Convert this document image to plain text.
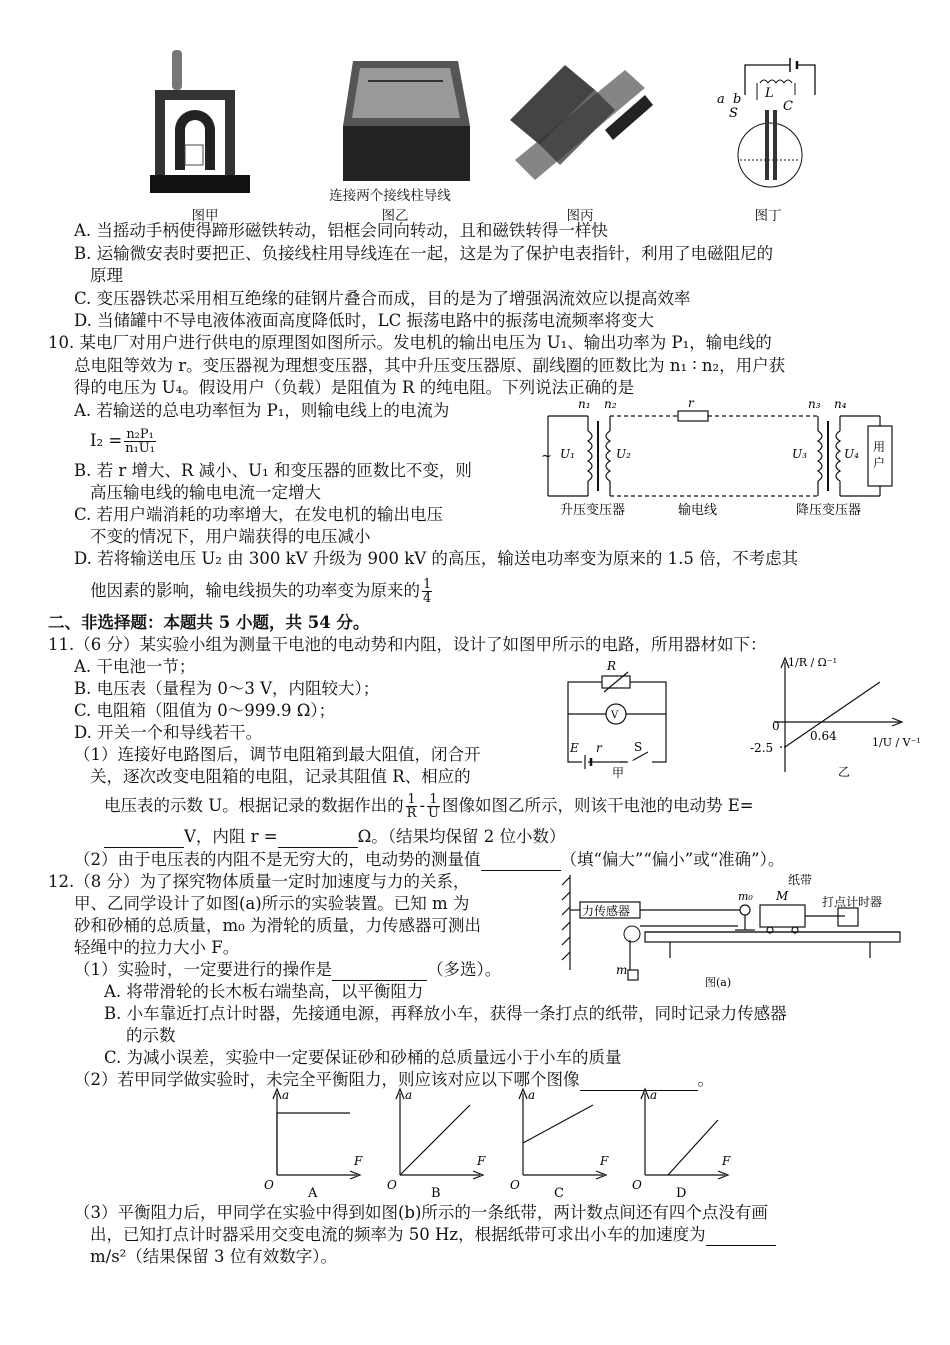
图甲
连接两个接线柱导线
图乙	图丙
a b
S
L
C
图丁
A. 当摇动手柄使得蹄形磁铁转动，铝框会同向转动，且和磁铁转得一样快
B. 运输微安表时要把正、负接线柱用导线连在一起，这是为了保护电表指针，利用了电磁阻尼的
原理
C. 变压器铁芯采用相互绝缘的硅钢片叠合而成，目的是为了增强涡流效应以提高效率
D. 当储罐中不导电液体液面高度降低时，LC 振荡电路中的振荡电流频率将变大
10. 某电厂对用户进行供电的原理图如图所示。发电机的输出电压为 U₁、输出功率为 P₁，输电线的
总电阻等效为 r。变压器视为理想变压器，其中升压变压器原、副线圈的匝数比为 n₁ ∶ n₂，用户获
得的电压为 U₄。假设用户（负载）是阻值为 R 的纯电阻。下列说法正确的是
A. 若输送的总电功率恒为 P₁，则输电线上的电流为
$I_2 = \frac{\text{n₂P₁}}{\text{n₁U₁}}$
B. 若 r 增大、R 减小、U₁ 和变压器的匝数比不变，则
高压输电线的输电电流一定增大
C. 若用户端消耗的功率增大，在发电机的输出电压
不变的情况下，用户端获得的电压减小
D. 若将输送电压 U₂ 由 300 kV 升级为 900 kV 的高压，输送电功率变为原来的 1.5 倍，不考虑其
他因素的影响，输电线损失的功率变为原来的 $\frac{1}{4}$
n₁ n₂	r	n₃ n₄
U₁	U₂	U₃	U₄
~
用
户
升压变压器	输电线	降压变压器
二、非选择题：本题共 5 小题，共 54 分。
11.（6 分）某实验小组为测量干电池的电动势和内阻，设计了如图甲所示的电路，所用器材如下：
A. 干电池一节；
B. 电压表（量程为 0～3 V，内阻较大）；
C. 电阻箱（阻值为 0～999.9 Ω）；
D. 开关一个和导线若干。
（1）连接好电路图后，调节电阻箱到最大阻值，闭合开
关，逐次改变电阻箱的电阻，记录其阻值 R、相应的
电压表的示数 U。根据记录的数据作出的 $\frac{1}{R} - \frac{1}{U}$ 图像如图乙所示，则该干电池的电动势 E=
V，内阻 r =	Ω。（结果均保留 2 位小数）
（2）由于电压表的内阻不是无穷大的，电动势的测量值	（填“偏大”“偏小”或“准确”）。
R
V
E r	S
甲
1/R / Ω⁻¹
1/U / V⁻¹
0
-2.5
0.64
乙
12.（8 分）为了探究物体质量一定时加速度与力的关系，
甲、乙同学设计了如图(a)所示的实验装置。已知 m 为
砂和砂桶的总质量，m₀ 为滑轮的质量，力传感器可测出
轻绳中的拉力大小 F。
（1）实验时，一定要进行的操作是	（多选）。
A. 将带滑轮的长木板右端垫高，以平衡阻力
B. 小车靠近打点计时器，先接通电源，再释放小车，获得一条打点的纸带，同时记录力传感器
的示数
C. 为减小误差，实验中一定要保证砂和砂桶的总质量远小于小车的质量
（2）若甲同学做实验时，未完全平衡阻力，则应该对应以下哪个图像	。
纸带
力传感器
m₀ M	打点计时器
m
图(a)
a
F
O
A
a
F
O
B
a
F
O
C
a
F
O
D
（3）平衡阻力后，甲同学在实验中得到如图(b)所示的一条纸带，两计数点间还有四个点没有画
出，已知打点计时器采用交变电流的频率为 50 Hz，根据纸带可求出小车的加速度为
m/s²（结果保留 3 位有效数字）。
